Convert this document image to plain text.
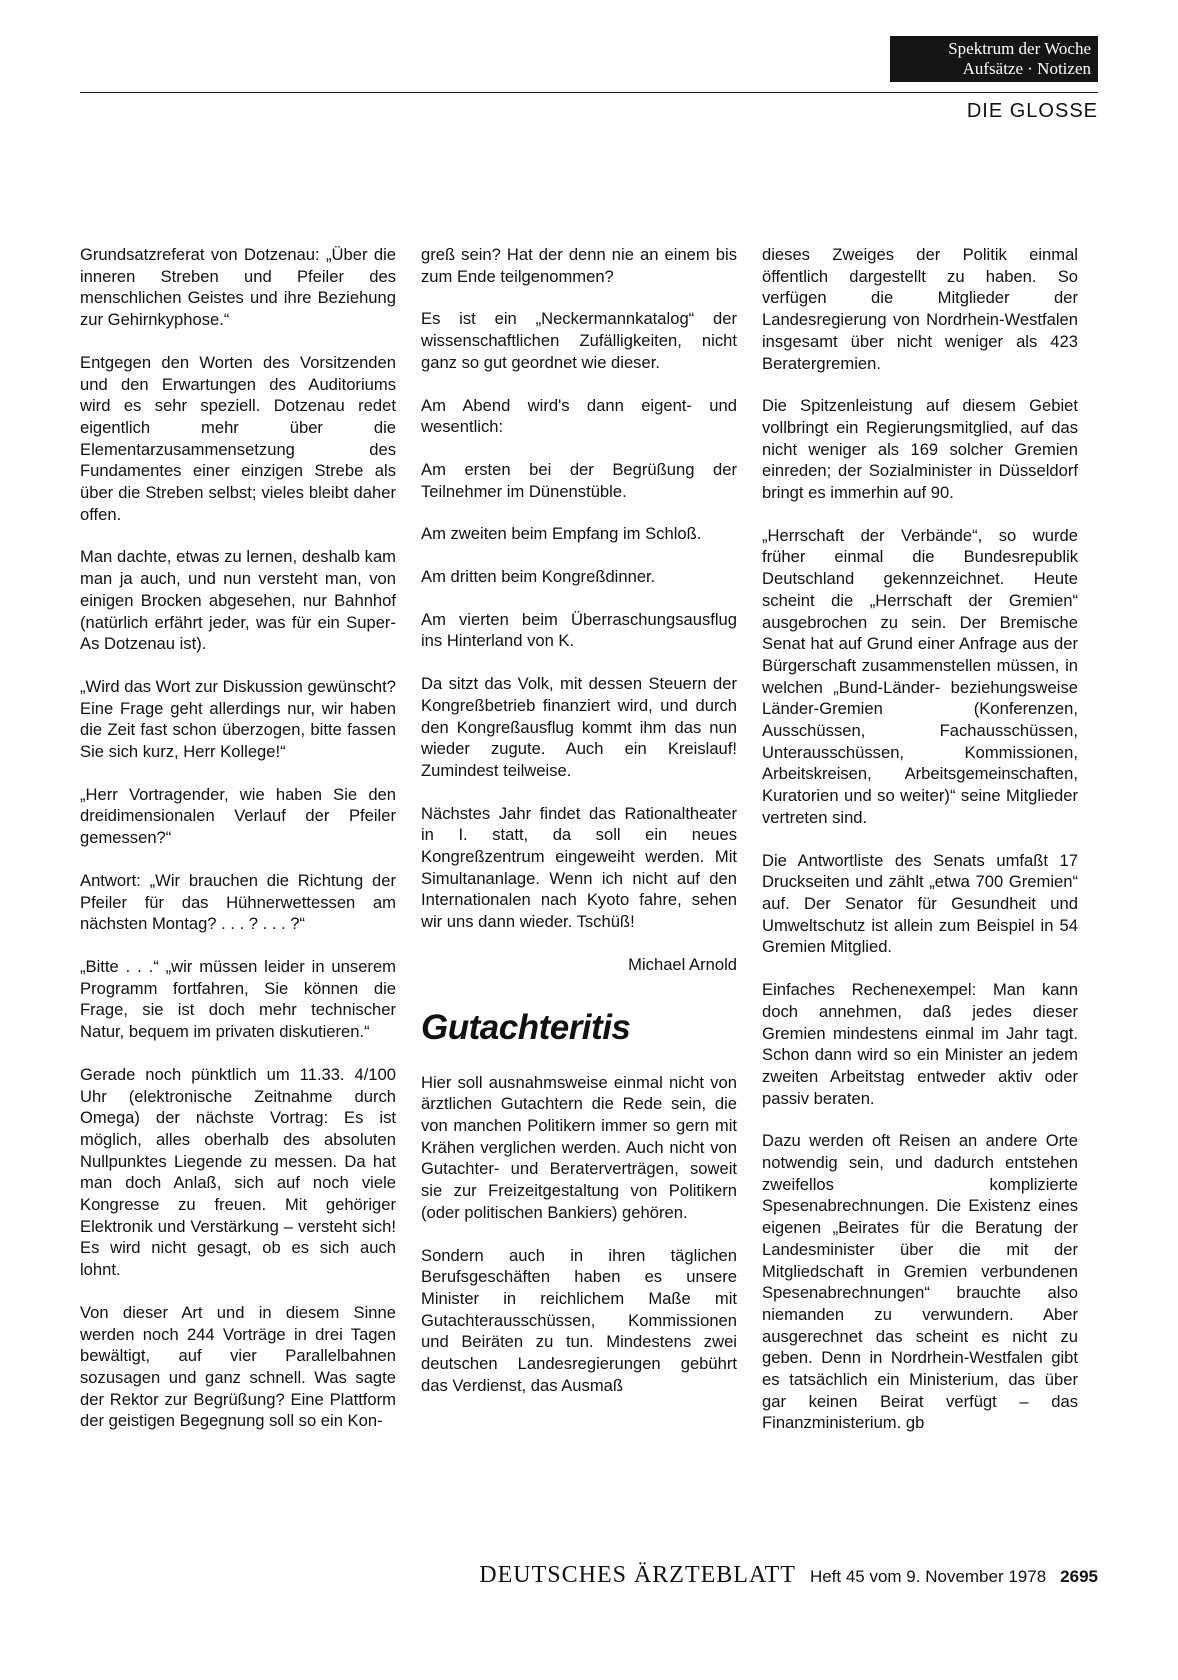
Spektrum der Woche
Aufsätze · Notizen
DIE GLOSSE

Grundsatzreferat von Dotzenau: „Über die inneren Streben und Pfeiler des menschlichen Geistes und ihre Beziehung zur Gehirnkyphose.“

Entgegen den Worten des Vorsitzenden und den Erwartungen des Auditoriums wird es sehr speziell. Dotzenau redet eigentlich mehr über die Elementarzusammensetzung des Fundamentes einer einzigen Strebe als über die Streben selbst; vieles bleibt daher offen.

Man dachte, etwas zu lernen, deshalb kam man ja auch, und nun versteht man, von einigen Brocken abgesehen, nur Bahnhof (natürlich erfährt jeder, was für ein Super-As Dotzenau ist).

„Wird das Wort zur Diskussion gewünscht? Eine Frage geht allerdings nur, wir haben die Zeit fast schon überzogen, bitte fassen Sie sich kurz, Herr Kollege!“

„Herr Vortragender, wie haben Sie den dreidimensionalen Verlauf der Pfeiler gemessen?“

Antwort: „Wir brauchen die Richtung der Pfeiler für das Hühnerwettessen am nächsten Montag? . . . ? . . . ?“

„Bitte . . .“ „wir müssen leider in unserem Programm fortfahren, Sie können die Frage, sie ist doch mehr technischer Natur, bequem im privaten diskutieren.“

Gerade noch pünktlich um 11.33. 4/100 Uhr (elektronische Zeitnahme durch Omega) der nächste Vortrag: Es ist möglich, alles oberhalb des absoluten Nullpunktes Liegende zu messen. Da hat man doch Anlaß, sich auf noch viele Kongresse zu freuen. Mit gehöriger Elektronik und Verstärkung – versteht sich! Es wird nicht gesagt, ob es sich auch lohnt.

Von dieser Art und in diesem Sinne werden noch 244 Vorträge in drei Tagen bewältigt, auf vier Parallelbahnen sozusagen und ganz schnell. Was sagte der Rektor zur Begrüßung? Eine Plattform der geistigen Begegnung soll so ein Kon-

greß sein? Hat der denn nie an einem bis zum Ende teilgenommen?

Es ist ein „Neckermannkatalog“ der wissenschaftlichen Zufälligkeiten, nicht ganz so gut geordnet wie dieser.

Am Abend wird's dann eigent- und wesentlich:

Am ersten bei der Begrüßung der Teilnehmer im Dünenstüble.

Am zweiten beim Empfang im Schloß.

Am dritten beim Kongreßdinner.

Am vierten beim Überraschungsausflug ins Hinterland von K.

Da sitzt das Volk, mit dessen Steuern der Kongreßbetrieb finanziert wird, und durch den Kongreßausflug kommt ihm das nun wieder zugute. Auch ein Kreislauf! Zumindest teilweise.

Nächstes Jahr findet das Rationaltheater in I. statt, da soll ein neues Kongreßzentrum eingeweiht werden. Mit Simultananlage. Wenn ich nicht auf den Internationalen nach Kyoto fahre, sehen wir uns dann wieder. Tschüß!

Michael Arnold

Gutachteritis

Hier soll ausnahmsweise einmal nicht von ärztlichen Gutachtern die Rede sein, die von manchen Politikern immer so gern mit Krähen verglichen werden. Auch nicht von Gutachter- und Beraterverträgen, soweit sie zur Freizeitgestaltung von Politikern (oder politischen Bankiers) gehören.

Sondern auch in ihren täglichen Berufsgeschäften haben es unsere Minister in reichlichem Maße mit Gutachterausschüssen, Kommissionen und Beiräten zu tun. Mindestens zwei deutschen Landesregierungen gebührt das Verdienst, das Ausmaß

dieses Zweiges der Politik einmal öffentlich dargestellt zu haben. So verfügen die Mitglieder der Landesregierung von Nordrhein-Westfalen insgesamt über nicht weniger als 423 Beratergremien.

Die Spitzenleistung auf diesem Gebiet vollbringt ein Regierungsmitglied, auf das nicht weniger als 169 solcher Gremien einreden; der Sozialminister in Düsseldorf bringt es immerhin auf 90.

„Herrschaft der Verbände“, so wurde früher einmal die Bundesrepublik Deutschland gekennzeichnet. Heute scheint die „Herrschaft der Gremien“ ausgebrochen zu sein. Der Bremische Senat hat auf Grund einer Anfrage aus der Bürgerschaft zusammenstellen müssen, in welchen „Bund-Länder- beziehungsweise Länder-Gremien (Konferenzen, Ausschüssen, Fachausschüssen, Unterausschüssen, Kommissionen, Arbeitskreisen, Arbeitsgemeinschaften, Kuratorien und so weiter)“ seine Mitglieder vertreten sind.

Die Antwortliste des Senats umfaßt 17 Druckseiten und zählt „etwa 700 Gremien“ auf. Der Senator für Gesundheit und Umweltschutz ist allein zum Beispiel in 54 Gremien Mitglied.

Einfaches Rechenexempel: Man kann doch annehmen, daß jedes dieser Gremien mindestens einmal im Jahr tagt. Schon dann wird so ein Minister an jedem zweiten Arbeitstag entweder aktiv oder passiv beraten.

Dazu werden oft Reisen an andere Orte notwendig sein, und dadurch entstehen zweifellos komplizierte Spesenabrechnungen. Die Existenz eines eigenen „Beirates für die Beratung der Landesminister über die mit der Mitgliedschaft in Gremien verbundenen Spesenabrechnungen“ brauchte also niemanden zu verwundern. Aber ausgerechnet das scheint es nicht zu geben. Denn in Nordrhein-Westfalen gibt es tatsächlich ein Ministerium, das über gar keinen Beirat verfügt – das Finanzministerium. gb

DEUTSCHES ÄRZTEBLATT Heft 45 vom 9. November 1978 2695
